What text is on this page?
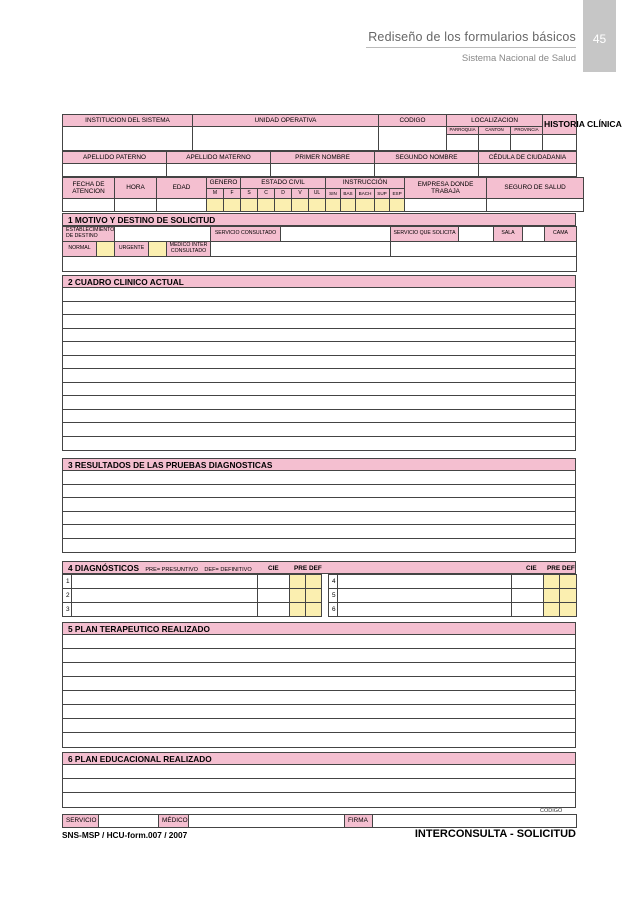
Rediseño de los formularios básicos
Sistema Nacional de Salud
45
INSTITUCION DEL SISTEMA	UNIDAD OPERATIVA	CODIGO	LOCALIZACION			HISTORIA CLÍNICA
			PARROQUIA	CANTON	PROVINCIA	

APELLIDO PATERNO	APELLIDO MATERNO	PRIMER NOMBRE	SEGUNDO NOMBRE	CÉDULA DE CIUDADANIA

FECHA DE ATENCION	HORA	EDAD	GENERO		ESTADO CIVIL					INSTRUCCIÓN					EMPRESA DONDE TRABAJA	SEGURO DE SALUD
			M	F	S	C	D	V	UL	SIN	BAS	BACH	SUP	ESP		

1 MOTIVO Y DESTINO DE SOLICITUD
ESTABLECIMIENTO DE DESTINO					SERVICIO CONSULTADO		SERVICIO QUE SOLICITA		SALA		CAMA
NORMAL		URGENTE		MEDICO INTER CONSULTADO							

2 CUADRO CLINICO ACTUAL
3 RESULTADOS DE LAS PRUEBAS DIAGNOSTICAS
4 DIAGNÓSTICOS PRE= PRESUNTIVO DEF= DEFINITIVO	CIE PRE DEF	CIE PRE DEF
1						4				
2						5				
3						6				
5 PLAN TERAPEUTICO REALIZADO
6 PLAN EDUCACIONAL REALIZADO
CODIGO
SERVICIO		MÉDICO		FIRMA	
SNS-MSP / HCU-form.007 / 2007	INTERCONSULTA - SOLICITUD
